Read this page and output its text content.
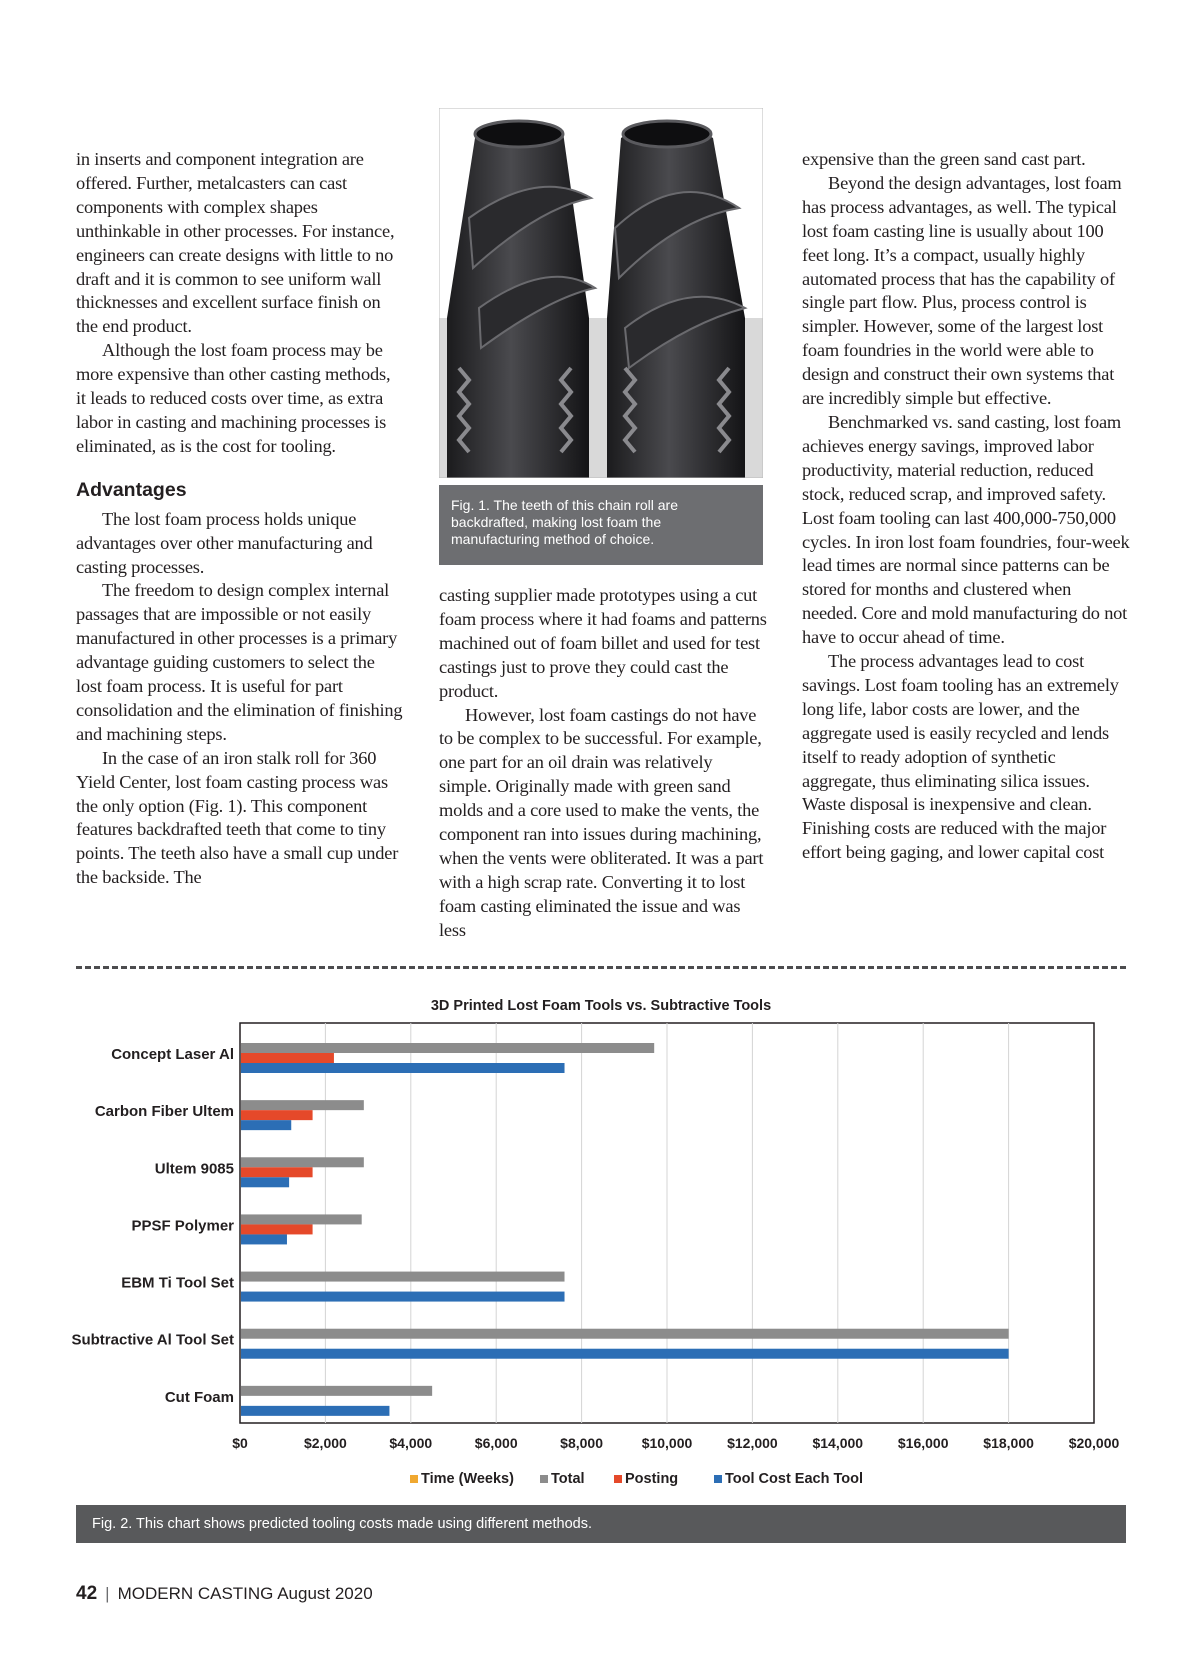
in inserts and component integration are offered. Further, metalcasters can cast components with complex shapes unthinkable in other processes. For instance, engineers can create designs with little to no draft and it is common to see uniform wall thicknesses and excellent surface finish on the end product.

Although the lost foam process may be more expensive than other casting methods, it leads to reduced costs over time, as extra labor in casting and machining processes is eliminated, as is the cost for tooling.

Advantages

The lost foam process holds unique advantages over other manufacturing and casting processes.

The freedom to design complex internal passages that are impossible or not easily manufactured in other processes is a primary advantage guiding customers to select the lost foam process. It is useful for part consolidation and the elimination of finishing and machining steps.

In the case of an iron stalk roll for 360 Yield Center, lost foam casting process was the only option (Fig. 1). This component features backdrafted teeth that come to tiny points. The teeth also have a small cup under the backside. The

Fig. 1. The teeth of this chain roll are backdrafted, making lost foam the manufacturing method of choice.

casting supplier made prototypes using a cut foam process where it had foams and patterns machined out of foam billet and used for test castings just to prove they could cast the product.

However, lost foam castings do not have to be complex to be successful. For example, one part for an oil drain was relatively simple. Originally made with green sand molds and a core used to make the vents, the component ran into issues during machining, when the vents were obliterated. It was a part with a high scrap rate. Converting it to lost foam casting eliminated the issue and was less

expensive than the green sand cast part.

Beyond the design advantages, lost foam has process advantages, as well. The typical lost foam casting line is usually about 100 feet long. It’s a compact, usually highly automated process that has the capability of single part flow. Plus, process control is simpler. However, some of the largest lost foam foundries in the world were able to design and construct their own systems that are incredibly simple but effective.

Benchmarked vs. sand casting, lost foam achieves energy savings, improved labor productivity, material reduction, reduced stock, reduced scrap, and improved safety. Lost foam tooling can last 400,000-750,000 cycles. In iron lost foam foundries, four-week lead times are normal since patterns can be stored for months and clustered when needed. Core and mold manufacturing do not have to occur ahead of time.

The process advantages lead to cost savings. Lost foam tooling has an extremely long life, labor costs are lower, and the aggregate used is easily recycled and lends itself to ready adoption of synthetic aggregate, thus eliminating silica issues. Waste disposal is inexpensive and clean. Finishing costs are reduced with the major effort being gaging, and lower capital cost

3D Printed Lost Foam Tools vs. Subtractive Tools
Concept Laser Al
Carbon Fiber Ultem
Ultem 9085
PPSF Polymer
EBM Ti Tool Set
Subtractive Al Tool Set
Cut Foam
$0	$2,000	$4,000	$6,000	$8,000	$10,000 $12,000 $14,000 $16,000 $18,000 $20,000
Time (Weeks)	Total	Posting	Tool Cost Each Tool
Fig. 2. This chart shows predicted tooling costs made using different methods.
42 | MODERN CASTING August 2020
